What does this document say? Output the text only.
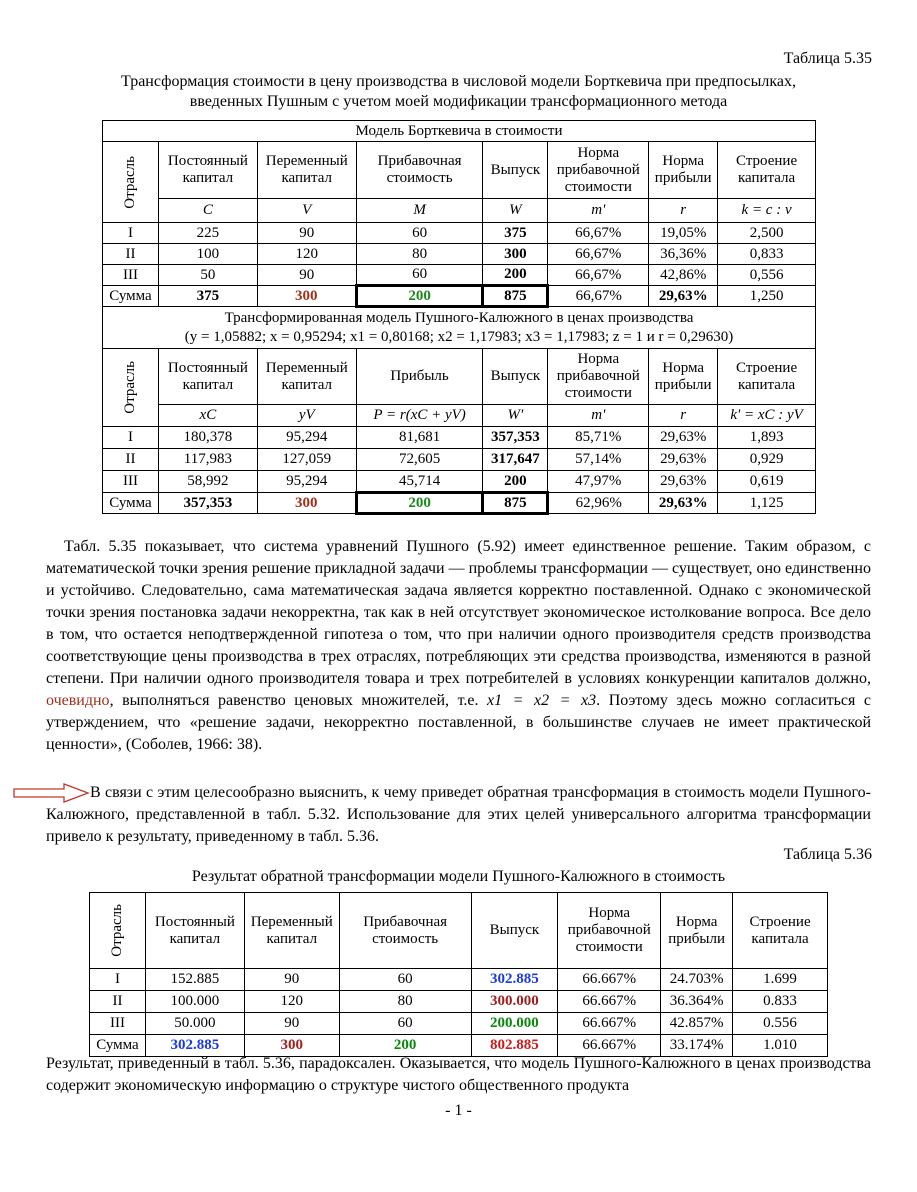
Таблица 5.35
Трансформация стоимости в цену производства в числовой модели Борткевича при предпосылках,
введенных Пушным с учетом моей модификации трансформационного метода
Модель Борткевича в стоимости							

Отрасль	Постоянный капитал	Переменный капитал	Прибавочная стоимость	Выпуск	Норма прибавочной стоимости	Норма прибыли	Строение капитала
	C	V	M	W	m'	r	k = c : v
I	225	90	60	375	66,67%	19,05%	2,500
II	100	120	80	300	66,67%	36,36%	0,833
III	50	90	60	200	66,67%	42,86%	0,556
Сумма	375	300	200	875	66,67%	29,63%	1,250

Трансформированная модель Пушного-Калюжного в ценах производства
(y = 1,05882; x = 0,95294; x1 = 0,80168; x2 = 1,17983; x3 = 1,17983; z = 1 и r = 0,29630)							

Отрасль	Постоянный капитал	Переменный капитал	Прибыль	Выпуск	Норма прибавочной стоимости	Норма прибыли	Строение капитала
	xC	yV	P = r(xC + yV)	W'	m'	r	k' = xC : yV
I	180,378	95,294	81,681	357,353	85,71%	29,63%	1,893
II	117,983	127,059	72,605	317,647	57,14%	29,63%	0,929
III	58,992	95,294	45,714	200	47,97%	29,63%	0,619
Сумма	357,353	300	200	875	62,96%	29,63%	1,125

Табл. 5.35 показывает, что система уравнений Пушного (5.92) имеет единственное решение. Таким образом, с математической точки зрения решение прикладной задачи — проблемы трансформации — существует, оно единственно и устойчиво. Следовательно, сама математическая задача является корректно поставленной. Однако с экономической точки зрения постановка задачи некорректна, так как в ней отсутствует экономическое истолкование вопроса. Все дело в том, что остается неподтвержденной гипотеза о том, что при наличии одного производителя средств производства соответствующие цены производства в трех отраслях, потребляющих эти средства производства, изменяются в разной степени. При наличии одного производителя товара и трех потребителей в условиях конкуренции капиталов должно, очевидно, выполняться равенство ценовых множителей, т.е. x1 = x2 = x3. Поэтому здесь можно согласиться с утверждением, что «решение задачи, некорректно поставленной, в большинстве случаев не имеет практической ценности», (Соболев, 1966: 38).

В связи с этим целесообразно выяснить, к чему приведет обратная трансформация в стоимость модели Пушного-Калюжного, представленной в табл. 5.32. Использование для этих целей универсального алгоритма трансформации привело к результату, приведенному в табл. 5.36.

Таблица 5.36
Результат обратной трансформации модели Пушного-Калюжного в стоимость
Отрасль	Постоянный капитал	Переменный капитал	Прибавочная стоимость	Выпуск	Норма прибавочной стоимости	Норма прибыли	Строение капитала
I	152.885	90	60	302.885	66.667%	24.703%	1.699
II	100.000	120	80	300.000	66.667%	36.364%	0.833
III	50.000	90	60	200.000	66.667%	42.857%	0.556
Сумма	302.885	300	200	802.885	66.667%	33.174%	1.010

Результат, приведенный в табл. 5.36, парадоксален. Оказывается, что модель Пушного-Калюжного в ценах производства содержит экономическую информацию о структуре чистого общественного продукта

- 1 -
